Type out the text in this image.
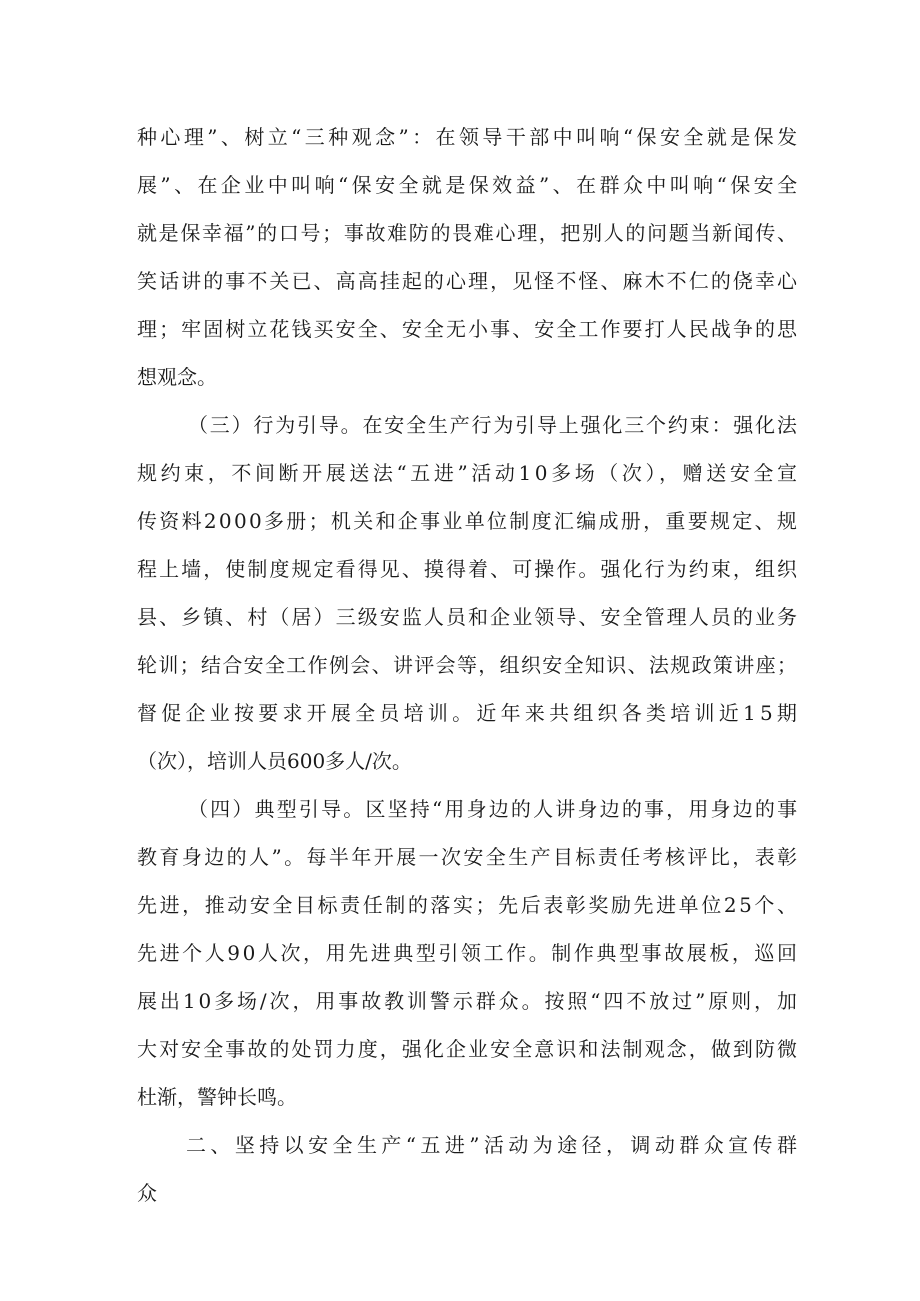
种心理”、树立“三种观念”：在领导干部中叫响“保安全就是保发
展”、在企业中叫响“保安全就是保效益”、在群众中叫响“保安全
就是保幸福”的口号；事故难防的畏难心理，把别人的问题当新闻传、
笑话讲的事不关已、高高挂起的心理，见怪不怪、麻木不仁的侥幸心
理；牢固树立花钱买安全、安全无小事、安全工作要打人民战争的思
想观念。
（三）行为引导。在安全生产行为引导上强化三个约束：强化法
规约束，不间断开展送法“五进”活动10多场（次），赠送安全宣
传资料2000多册；机关和企事业单位制度汇编成册，重要规定、规
程上墙，使制度规定看得见、摸得着、可操作。强化行为约束，组织
县、乡镇、村（居）三级安监人员和企业领导、安全管理人员的业务
轮训；结合安全工作例会、讲评会等，组织安全知识、法规政策讲座；
督促企业按要求开展全员培训。近年来共组织各类培训近15期
（次），培训人员600多人/次。
（四）典型引导。区坚持“用身边的人讲身边的事，用身边的事
教育身边的人”。每半年开展一次安全生产目标责任考核评比，表彰
先进，推动安全目标责任制的落实；先后表彰奖励先进单位25个、
先进个人90人次，用先进典型引领工作。制作典型事故展板，巡回
展出10多场/次，用事故教训警示群众。按照“四不放过”原则，加
大对安全事故的处罚力度，强化企业安全意识和法制观念，做到防微
杜渐，警钟长鸣。
二、坚持以安全生产“五进”活动为途径，调动群众宣传群
众
